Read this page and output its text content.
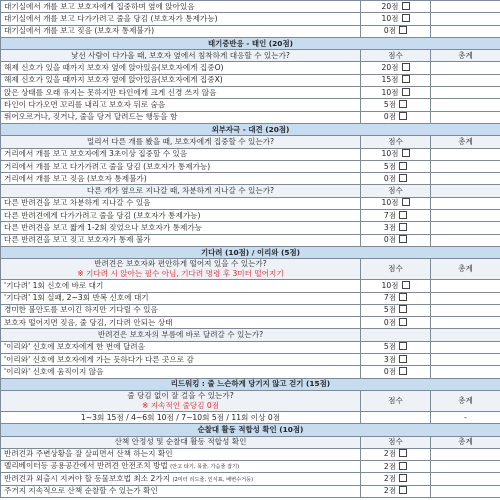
대기실에서 개를 보고 보호자에게 집중하며 옆에 앉아있음	20점	
대기실에서 개를 보고 다가가려고 줄을 당김 (보호자가 통제가능)	10점	
대기실에서 개를 보고 짖음 (보호자 통제불가)	0점	
태기중반응 - 태인 (20점)		
낯선 사람이 다가올 때, 보호자 옆에서 침착하게 대응할 수 있는가?	점수	총계
해제 신호가 있을 때까지 보호자 옆에 앉아있음(보호자에게 집중O)	20점	
해제 신호가 있을 때까지 보호자 옆에 앉아있음(보호자에게 집중X)	15점	
앉은 상태를 오래 유지는 못하지만 타인에게 크게 신경 쓰지 않음	10점	
타인이 다가오면 꼬리를 내리고 보호자 뒤로 숨음	5점	
뛰어오르거나, 짖거나, 줄을 당겨 달려드는 행동을 함	0점	
외부자극 - 대견 (20점)		
멀리서 다른 개를 봤을 때, 보호자에게 집중할 수 있는가?	점수	총계
거리에서 개를 보고 보호자에게 3초이상 집중할 수 있음	10점	
거리에서 개를 보고 다가가려고 줄을 당김 (보호자가 통제가능)	5점	
거리에서 개를 보고 짖음 (보호자 통제불가)	0점	
다른 개가 옆으로 지나갈 때, 차분하게 지나갈 수 있는가?	점수	
다른 반려견을 보고 차분하게 지나갈 수 있음	10점	
다른 반려견에게 다가가려고 줄을 당김 (보호자가 통제가능)	7점	
다른 반려견을 보고 짧게 1-2회 짖었으나 보호자가 통제가능	3점	
다른 반려견을 보고 짖고 보호자가 통제 불가	0점	
기다려 (10점) / 이리와 (5점)		

반려견은 보호자와 편안하게 떨어져 있을 수 있는가?
※ 기다려 시 앉아는 필수 아님, 기다려 명령 후 3미터 떨어지기	점수	총계
'기다려' 1회 신호에 바로 대기	10점	
'기다려' 1회 실패, 2~3회 반복 신호에 대기	7점	
경미한 불안도를 보이긴 하지만 기다릴 수 있음	5점	
보호자 떨어지면 짖음, 줄 당김, 기다려 안되는 상태	0점	
반려견은 보호자의 부름에 바로 달려갈 수 있는가?		
'이리와' 신호에 보호자에게 한 번에 달려옴	5점	
'이리와' 신호에 보호자에게 가는 듯하다가 다른 곳으로 감	3점	
'이리와' 신호에 움직이지 않음	0점	
리드워킹 : 줄 느슨하게 당기지 않고 걷기 (15점)		
줄 당김 없이 잘 걸을 수 있는가?
※ 지속적인 줄당김 0점	점수	총계
1~3회 15점 / 4~6회 10점 / 7~10회 5점 / 11회 이상 0점		-
순찰대 활동 적합성 확인 (10점)		
산책 안정성 및 순찰대 활동 적합성 확인	점수	총계
반려견과 주변상황을 잘 살피면서 산책 하는지 확인	2점	
멜리베이터등 공용공간에서 반려견 안전조치 방법 (안고 타기, 목줄, 가슴줄 잡기)	2점	
반려견과 외출시 지켜야 할 동물보호법 최소 2가지 (2미터 리드줄, 인식표, 배변수거등)	2점	
주거지 지속적으로 산책 순찰할 수 있는가 확인	2점	
